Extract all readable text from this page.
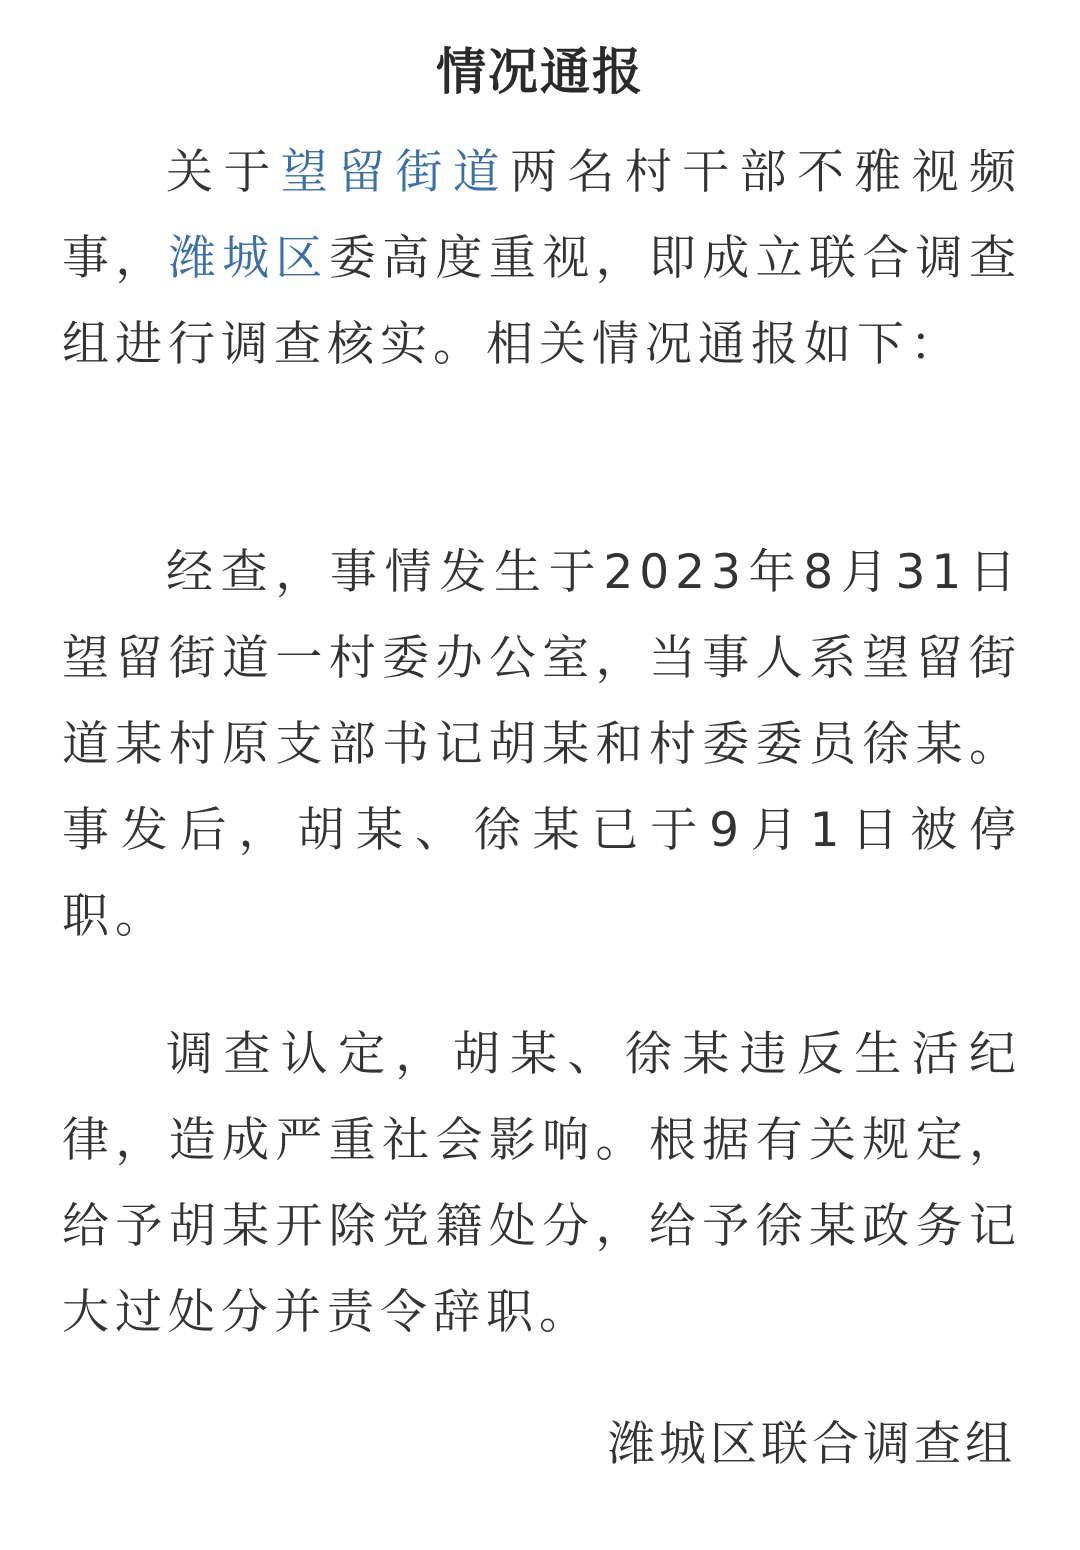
情况通报

关于望留街道两名村干部不雅视频事，潍城区委高度重视，即成立联合调查组进行调查核实。相关情况通报如下：

经查，事情发生于2023年8月31日望留街道一村委办公室，当事人系望留街道某村原支部书记胡某和村委委员徐某。事发后，胡某、徐某已于9月1日被停职。

调查认定，胡某、徐某违反生活纪律，造成严重社会影响。根据有关规定，给予胡某开除党籍处分，给予徐某政务记大过处分并责令辞职。

潍城区联合调查组
